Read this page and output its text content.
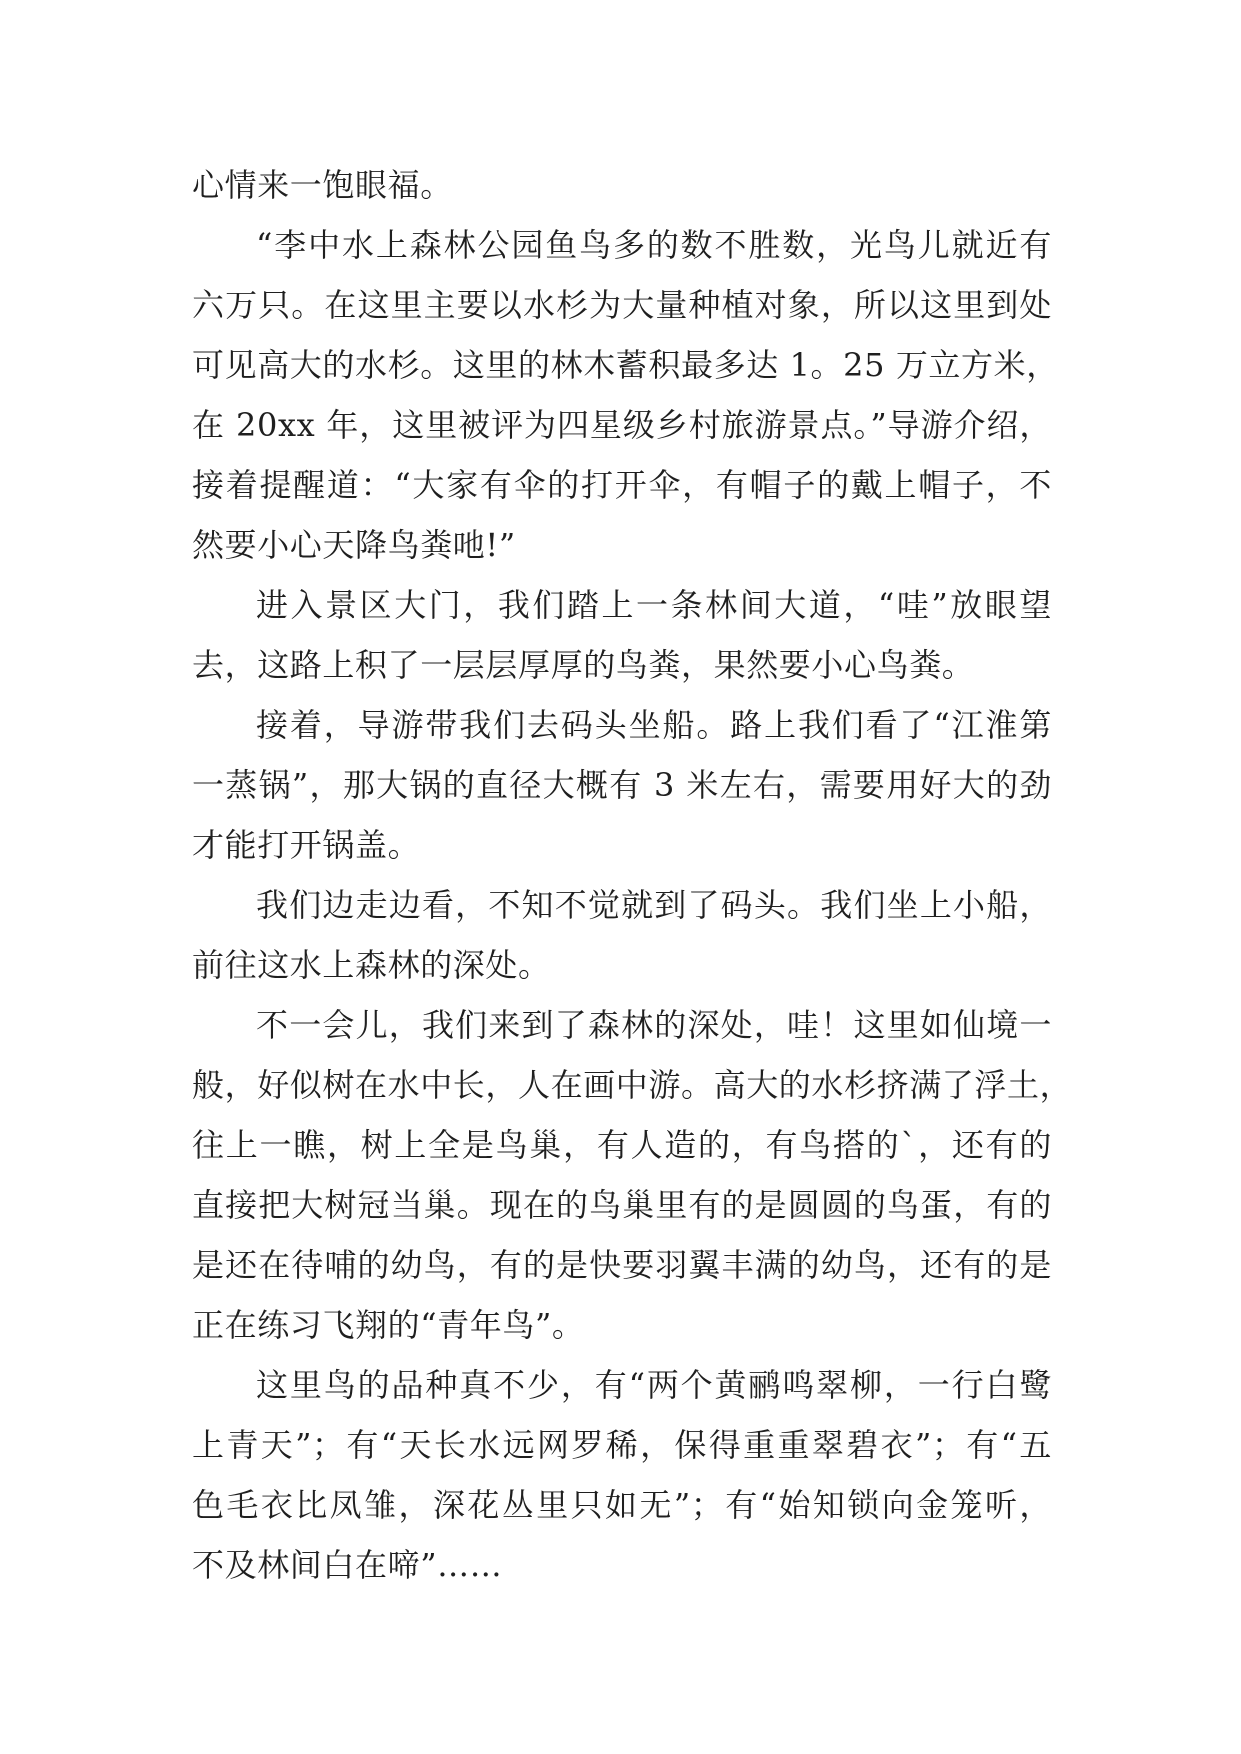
心情来一饱眼福。
“李中水上森林公园鱼鸟多的数不胜数，光鸟儿就近有
六万只。在这里主要以水杉为大量种植对象，所以这里到处
可见高大的水杉。这里的林木蓄积最多达 1。25 万立方米，
在 20xx 年，这里被评为四星级乡村旅游景点。”导游介绍，
接着提醒道：“大家有伞的打开伞，有帽子的戴上帽子，不
然要小心天降鸟粪吔!”
进入景区大门，我们踏上一条林间大道，“哇”放眼望
去，这路上积了一层层厚厚的鸟粪，果然要小心鸟粪。
接着，导游带我们去码头坐船。路上我们看了“江淮第
一蒸锅”，那大锅的直径大概有 3 米左右，需要用好大的劲
才能打开锅盖。
我们边走边看，不知不觉就到了码头。我们坐上小船，
前往这水上森林的深处。
不一会儿，我们来到了森林的深处，哇！这里如仙境一
般，好似树在水中长，人在画中游。高大的水杉挤满了浮土，
往上一瞧，树上全是鸟巢，有人造的，有鸟搭的`，还有的
直接把大树冠当巢。现在的鸟巢里有的是圆圆的鸟蛋，有的
是还在待哺的幼鸟，有的是快要羽翼丰满的幼鸟，还有的是
正在练习飞翔的“青年鸟”。
这里鸟的品种真不少，有“两个黄鹂鸣翠柳，一行白鹭
上青天”；有“天长水远网罗稀，保得重重翠碧衣”；有“五
色毛衣比凤雏，深花丛里只如无”；有“始知锁向金笼听，
不及林间白在啼”……
